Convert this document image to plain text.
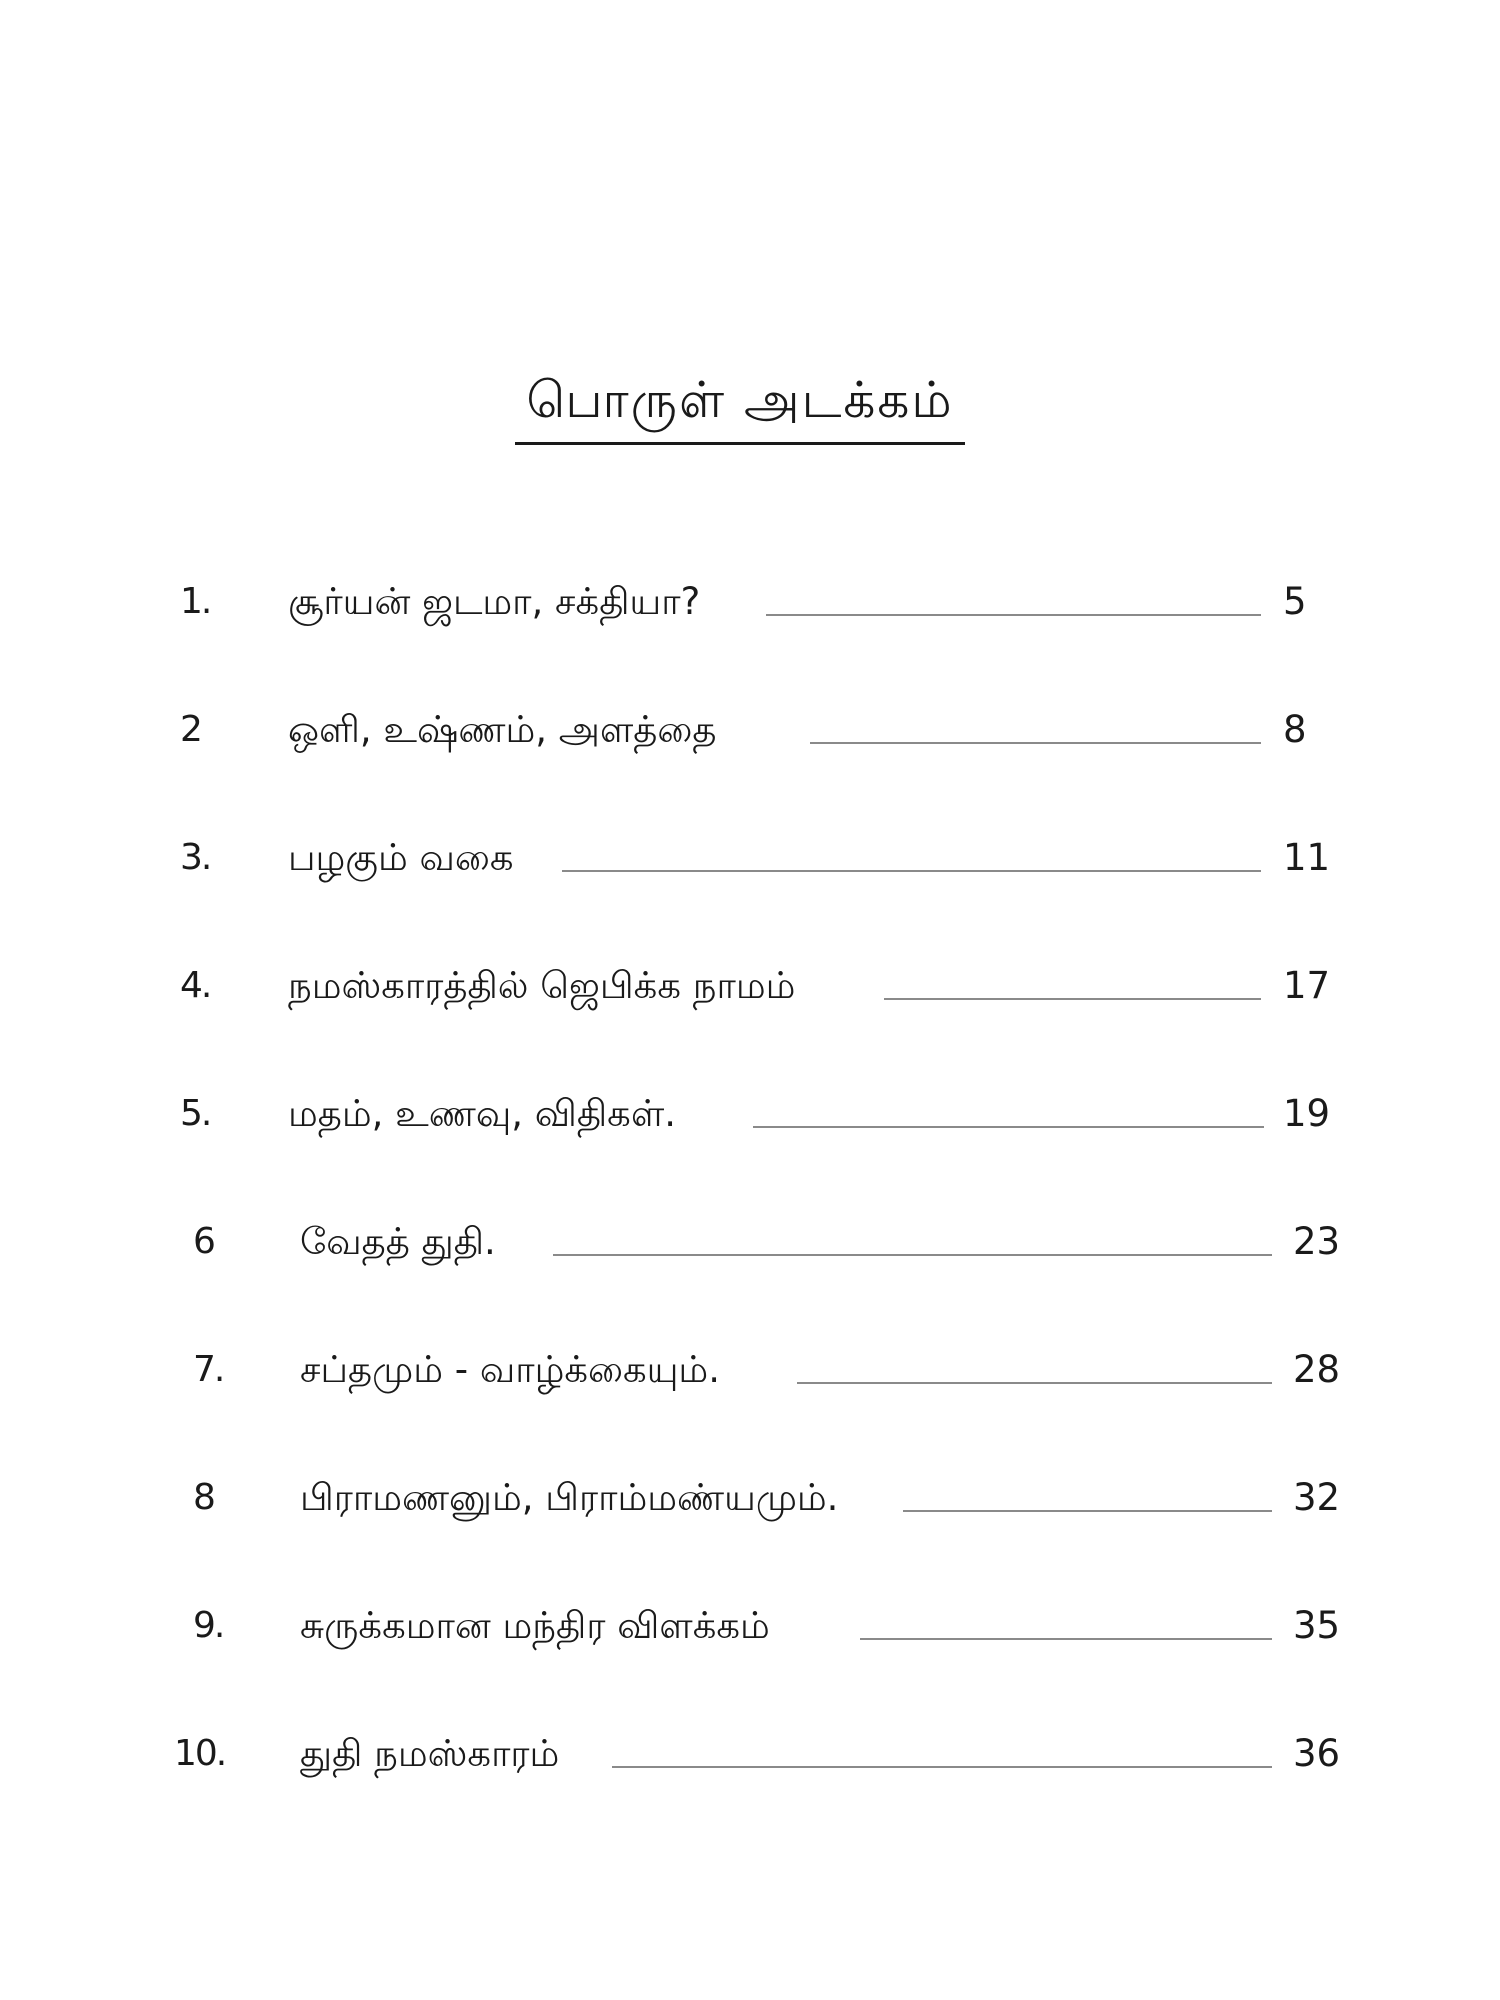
பொருள் அடக்கம்
1. சூர்யன் ஜடமா, சக்தியா?	5
2 ஒளி, உஷ்ணம், அளத்தை	8
3. பழகும் வகை	11
4. நமஸ்காரத்தில் ஜெபிக்க நாமம்	17
5. மதம், உணவு, விதிகள்.	19
6 வேதத் துதி.	23
7. சப்தமும் - வாழ்க்கையும்.	28
8 பிராமணனும், பிராம்மண்யமும்.	32
9. சுருக்கமான மந்திர விளக்கம்	35
10. துதி நமஸ்காரம்	36
